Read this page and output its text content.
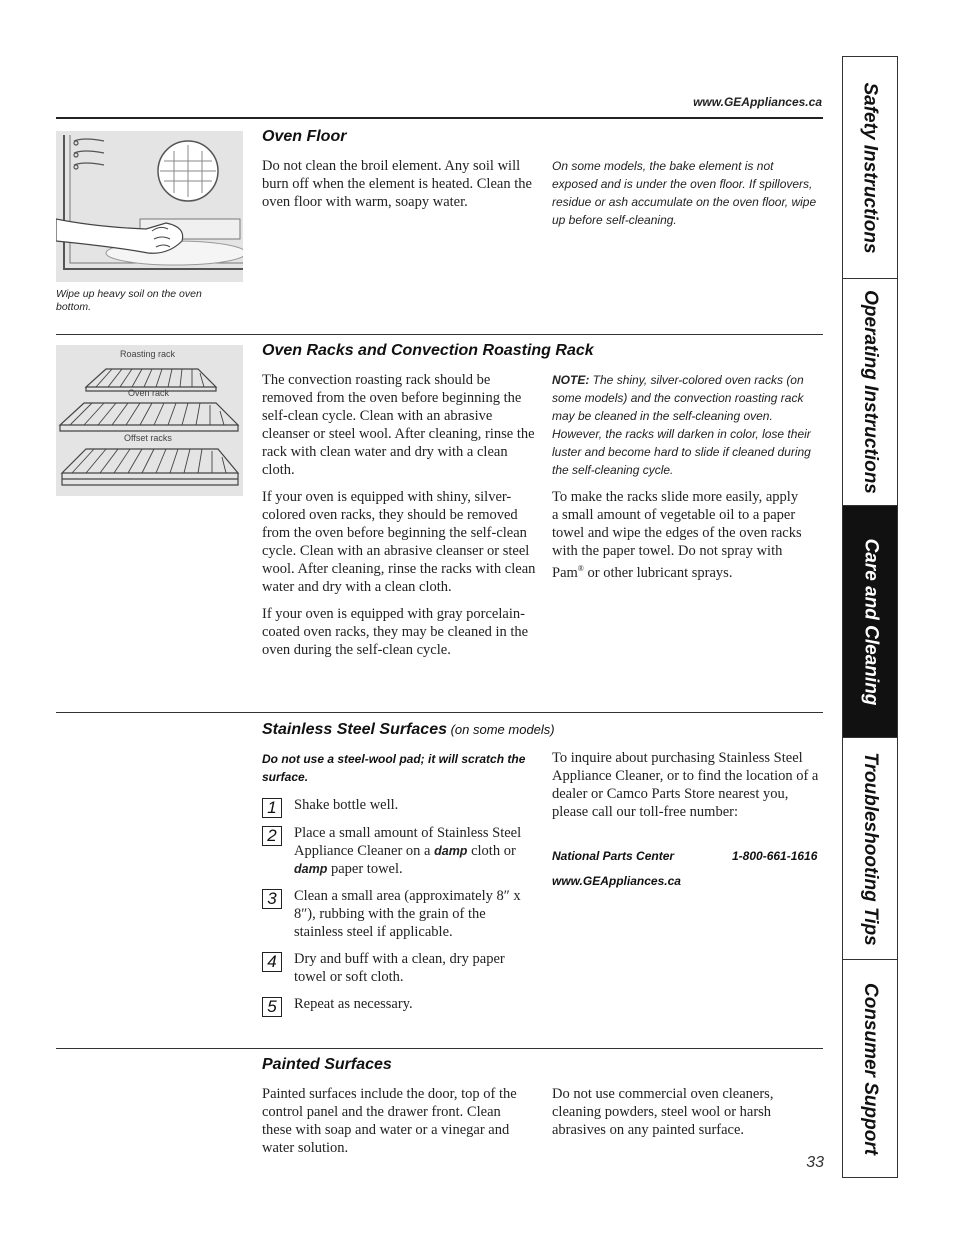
www.GEAppliances.ca
Wipe up heavy soil on the oven bottom.
Oven Floor

Do not clean the broil element. Any soil will burn off when the element is heated. Clean the oven floor with warm, soapy water.

On some models, the bake element is not exposed and is under the oven floor. If spillovers, residue or ash accumulate on the oven floor, wipe up before self-cleaning.
Roasting rack
Oven rack
Offset racks
Oven Racks and Convection Roasting Rack

The convection roasting rack should be removed from the oven before beginning the self-clean cycle. Clean with an abrasive cleanser or steel wool. After cleaning, rinse the rack with clean water and dry with a clean cloth.

If your oven is equipped with shiny, silver-colored oven racks, they should be removed from the oven before beginning the self-clean cycle. Clean with an abrasive cleanser or steel wool. After cleaning, rinse the racks with clean water and dry with a clean cloth.

If your oven is equipped with gray porcelain-coated oven racks, they may be cleaned in the oven during the self-clean cycle.

NOTE: The shiny, silver-colored oven racks (on some models) and the convection roasting rack may be cleaned in the self-cleaning oven. However, the racks will darken in color, lose their luster and become hard to slide if cleaned during the self-cleaning cycle.

To make the racks slide more easily, apply a small amount of vegetable oil to a paper towel and wipe the edges of the oven racks with the paper towel. Do not spray with Pam® or other lubricant sprays.

Stainless Steel Surfaces (on some models)
Do not use a steel-wool pad; it will scratch the surface.
1	Shake bottle well.
2	Place a small amount of Stainless Steel Appliance Cleaner on a damp cloth or damp paper towel.
3	Clean a small area (approximately 8″ x 8″), rubbing with the grain of the stainless steel if applicable.
4	Dry and buff with a clean, dry paper towel or soft cloth.
5	Repeat as necessary.

To inquire about purchasing Stainless Steel Appliance Cleaner, or to find the location of a dealer or Camco Parts Store nearest you, please call our toll-free number:

National Parts Center	1-800-661-1616
www.GEAppliances.ca
Painted Surfaces

Painted surfaces include the door, top of the control panel and the drawer front. Clean these with soap and water or a vinegar and water solution.

Do not use commercial oven cleaners, cleaning powders, steel wool or harsh abrasives on any painted surface.

33
Safety Instructions
Operating Instructions
Care and Cleaning
Troubleshooting Tips
Consumer Support
